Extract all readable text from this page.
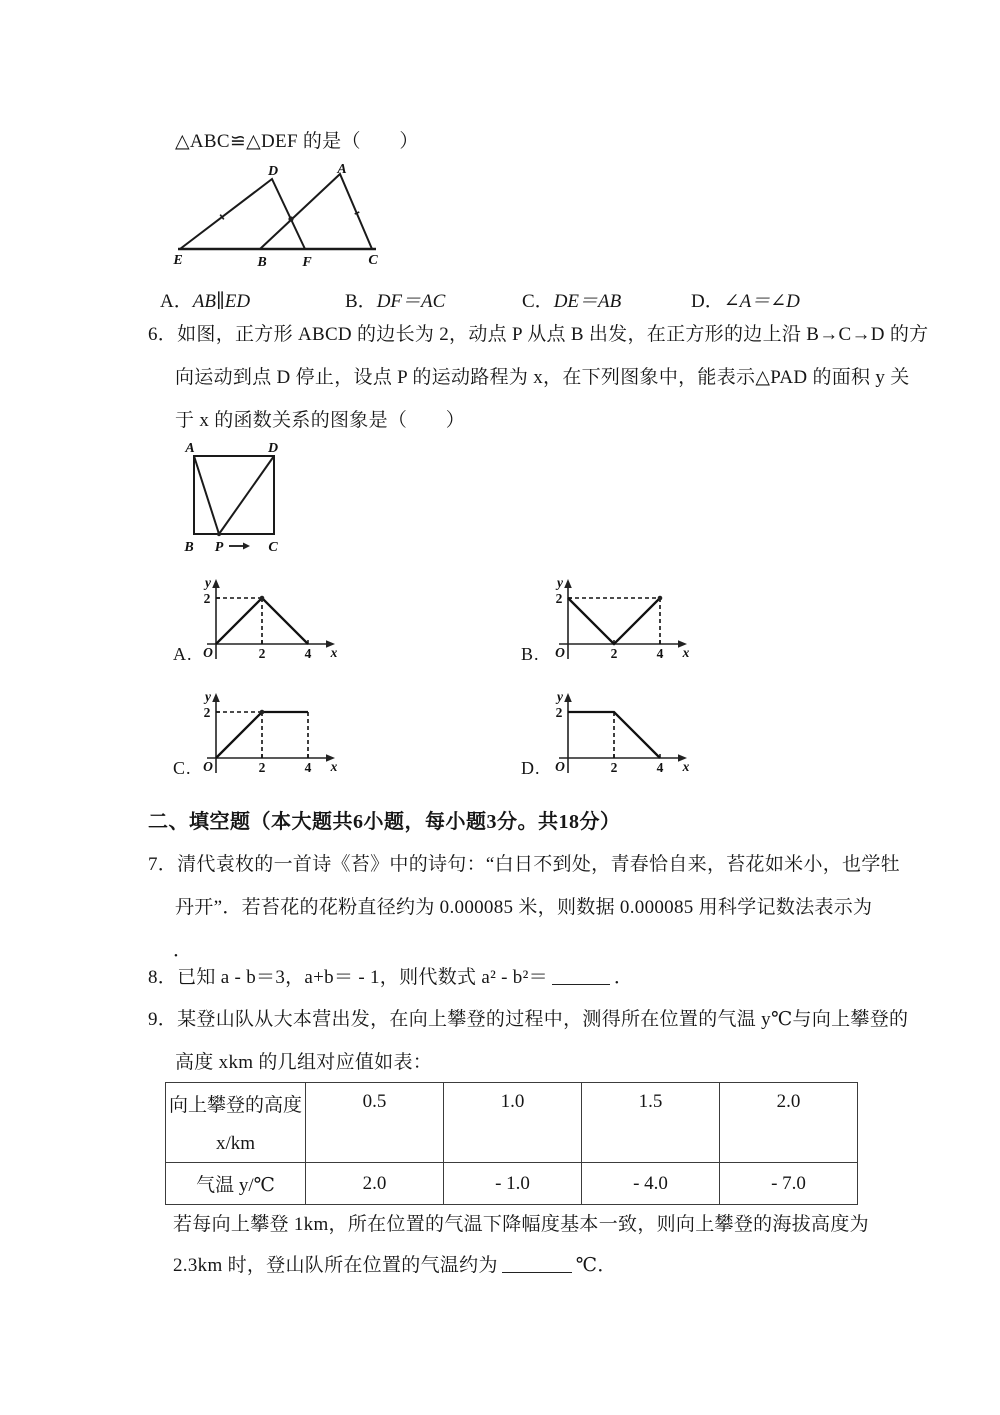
△ABC≌△DEF 的是（　　）
D	A
E	B	F	C
A．AB∥ED	B．DF＝AC	C．DE＝AB	D．∠A＝∠D
6．如图，正方形 ABCD 的边长为 2，动点 P 从点 B 出发，在正方形的边上沿 B→C→D 的方
向运动到点 D 停止，设点 P 的运动路程为 x，在下列图象中，能表示△PAD 的面积 y 关
于 x 的函数关系的图象是（　　）
A	D
B	C
P
A. O	2	4
2
y
x	B. O	2	4
2
y
x
C. O	2	4
2
y
x	D. O	2	4
2
y
x
二、填空题（本大题共6小题，每小题3分。共18分）
7．清代袁枚的一首诗《苔》中的诗句：“白日不到处，青春恰自来，苔花如米小，也学牡
丹开”．若苔花的花粉直径约为 0.000085 米，则数据 0.000085 用科学记数法表示为
．
8．已知 a - b＝3，a+b＝ - 1，则代数式 a² - b²＝	．
9．某登山队从大本营出发，在向上攀登的过程中，测得所在位置的气温 y℃与向上攀登的
高度 xkm 的几组对应值如表：
向上攀登的高度
x/km	0.5	1.0	1.5	2.0
气温 y/℃	2.0	- 1.0	- 4.0	- 7.0
若每向上攀登 1km，所在位置的气温下降幅度基本一致，则向上攀登的海拔高度为
2.3km 时，登山队所在位置的气温约为	℃．
